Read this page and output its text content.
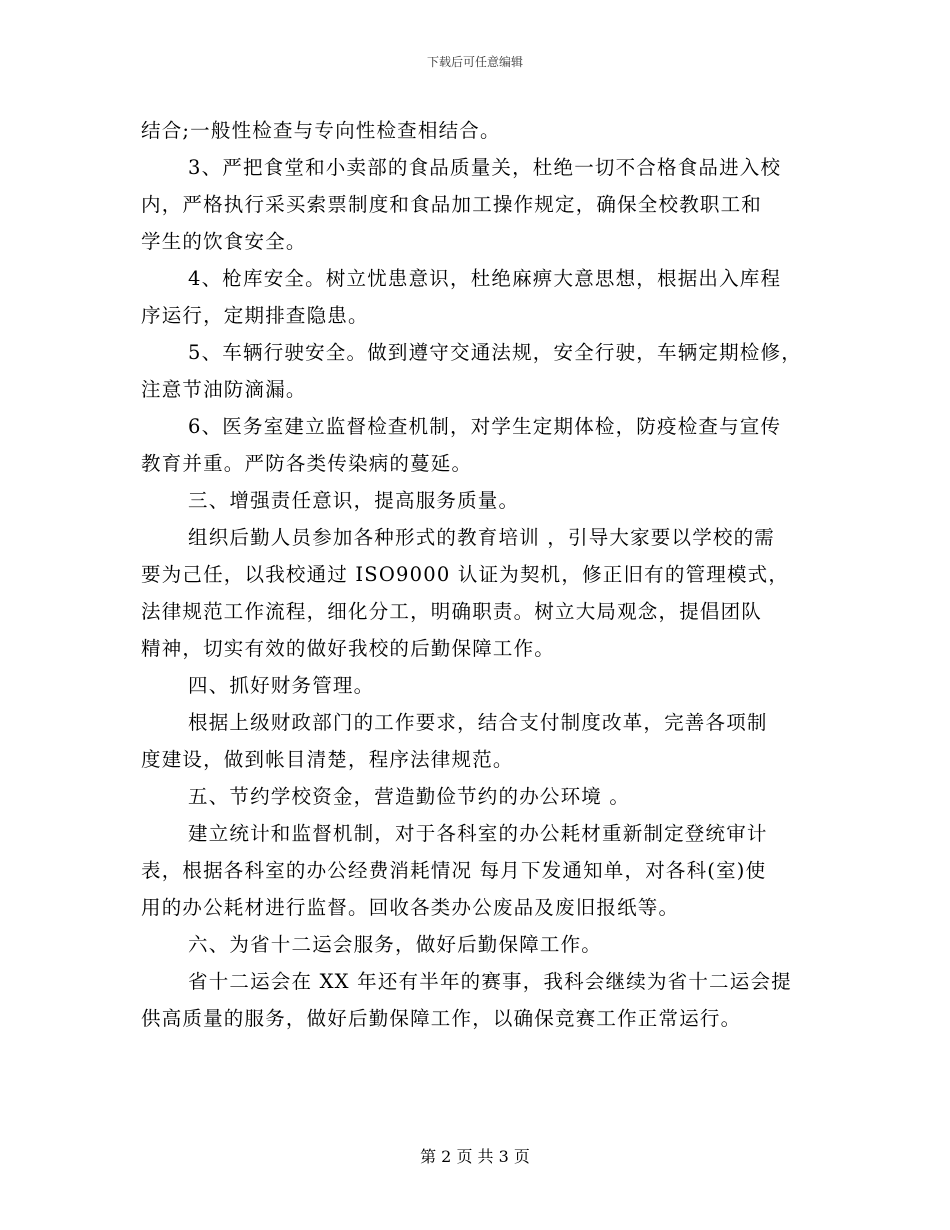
下载后可任意编辑
结合;一般性检查与专向性检查相结合。
3、严把食堂和小卖部的食品质量关，杜绝一切不合格食品进入校
内，严格执行采买索票制度和食品加工操作规定，确保全校教职工和
学生的饮食安全。
4、枪库安全。树立忧患意识，杜绝麻痹大意思想，根据出入库程
序运行，定期排查隐患。
5、车辆行驶安全。做到遵守交通法规，安全行驶，车辆定期检修，
注意节油防滴漏。
6、医务室建立监督检查机制，对学生定期体检，防疫检查与宣传
教育并重。严防各类传染病的蔓延。
三、增强责任意识，提高服务质量。
组织后勤人员参加各种形式的教育培训 ，引导大家要以学校的需
要为己任，以我校通过 ISO9000 认证为契机，修正旧有的管理模式，
法律规范工作流程，细化分工，明确职责。树立大局观念，提倡团队
精神，切实有效的做好我校的后勤保障工作。
四、抓好财务管理。
根据上级财政部门的工作要求，结合支付制度改革，完善各项制
度建设，做到帐目清楚，程序法律规范。
五、节约学校资金，营造勤俭节约的办公环境 。
建立统计和监督机制，对于各科室的办公耗材重新制定登统审计
表，根据各科室的办公经费消耗情况 每月下发通知单，对各科(室)使
用的办公耗材进行监督。回收各类办公废品及废旧报纸等。
六、为省十二运会服务，做好后勤保障工作。
省十二运会在 XX 年还有半年的赛事，我科会继续为省十二运会提
供高质量的服务，做好后勤保障工作，以确保竞赛工作正常运行。
第 2 页 共 3 页
